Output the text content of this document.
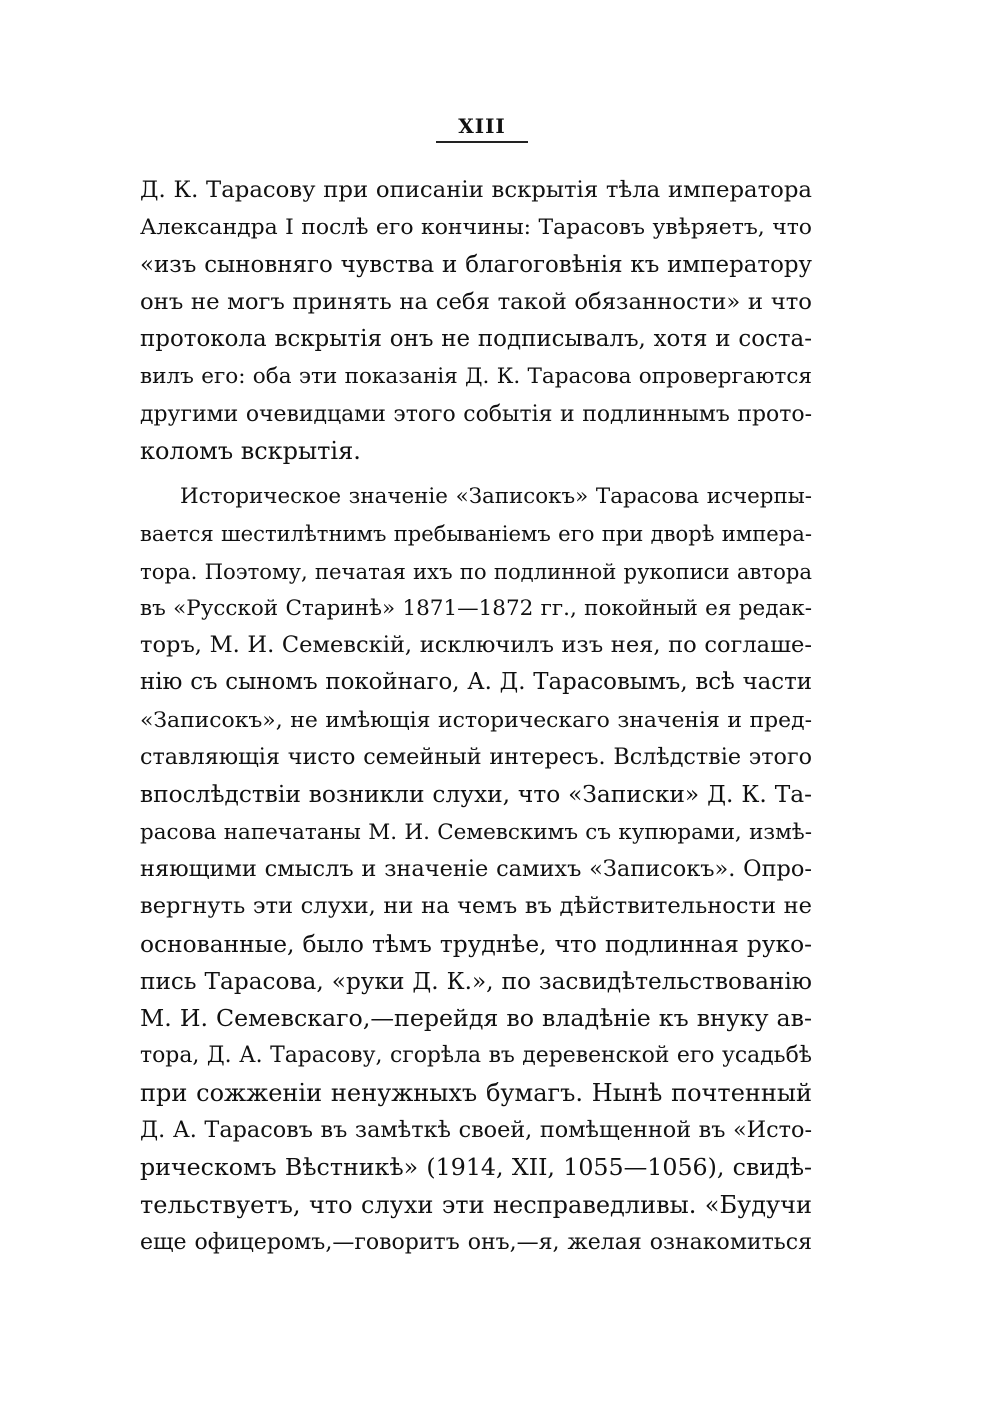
XIII
Д. К. Тарасову при описаніи вскрытія тѣла императора
Александра I послѣ его кончины: Тарасовъ увѣряетъ, что
«изъ сыновняго чувства и благоговѣнія къ императору
онъ не могъ принять на себя такой обязанности» и что
протокола вскрытія онъ не подписывалъ, хотя и соста-
вилъ его: оба эти показанія Д. К. Тарасова опровергаются
другими очевидцами этого событія и подлиннымъ прото-
коломъ вскрытія.
Историческое значеніе «Записокъ» Тарасова исчерпы-
вается шестилѣтнимъ пребываніемъ его при дворѣ импера-
тора. Поэтому, печатая ихъ по подлинной рукописи автора
въ «Русской Старинѣ» 1871—1872 гг., покойный ея редак-
торъ, М. И. Семевскій, исключилъ изъ нея, по соглаше-
нію съ сыномъ покойнаго, А. Д. Тарасовымъ, всѣ части
«Записокъ», не имѣющія историческаго значенія и пред-
ставляющія чисто семейный интересъ. Вслѣдствіе этого
впослѣдствіи возникли слухи, что «Записки» Д. К. Та-
расова напечатаны М. И. Семевскимъ съ купюрами, измѣ-
няющими смыслъ и значеніе самихъ «Записокъ». Опро-
вергнуть эти слухи, ни на чемъ въ дѣйствительности не
основанные, было тѣмъ труднѣе, что подлинная руко-
пись Тарасова, «руки Д. К.», по засвидѣтельствованію
М. И. Семевскаго,—перейдя во владѣніе къ внуку ав-
тора, Д. А. Тарасову, сгорѣла въ деревенской его усадьбѣ
при сожженіи ненужныхъ бумагъ. Нынѣ почтенный
Д. А. Тарасовъ въ замѣткѣ своей, помѣщенной въ «Исто-
рическомъ Вѣстникѣ» (1914, XII, 1055—1056), свидѣ-
тельствуетъ, что слухи эти несправедливы. «Будучи
еще офицеромъ,—говоритъ онъ,—я, желая ознакомиться
